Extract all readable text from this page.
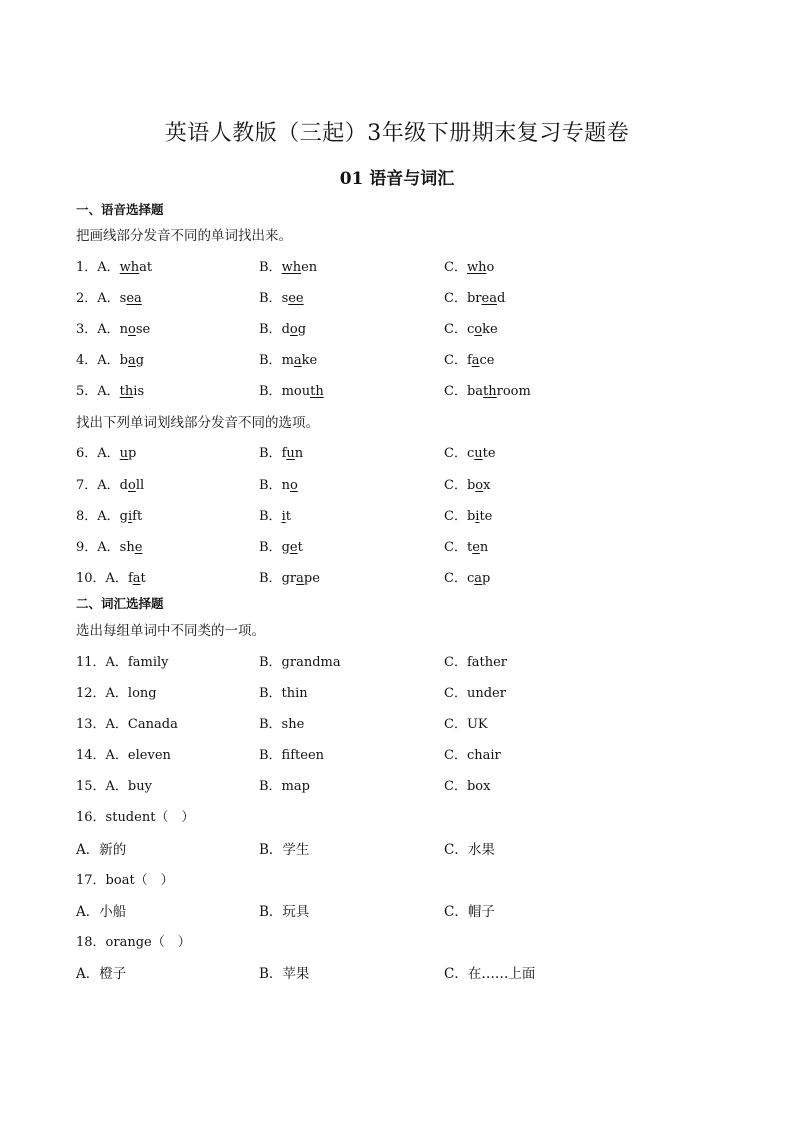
英语人教版（三起）3年级下册期末复习专题卷
01 语音与词汇
一、语音选择题
把画线部分发音不同的单词找出来。
1．A．what	B．when	C．who
2．A．sea	B．see	C．bread
3．A．nose	B．dog	C．coke
4．A．bag	B．make	C．face
5．A．this	B．mouth	C．bathroom
找出下列单词划线部分发音不同的选项。
6．A．up	B．fun	C．cute
7．A．doll	B．no	C．box
8．A．gift	B．it	C．bite
9．A．she	B．get	C．ten
10．A．fat	B．grape	C．cap
二、词汇选择题
选出每组单词中不同类的一项。
11．A．family	B．grandma	C．father
12．A．long	B．thin	C．under
13．A．Canada	B．she	C．UK
14．A．eleven	B．fifteen	C．chair
15．A．buy	B．map	C．box
16．student（　）
A．新的	B．学生	C．水果
17．boat（　）
A．小船	B．玩具	C．帽子
18．orange（　）
A．橙子	B．苹果	C．在……上面
